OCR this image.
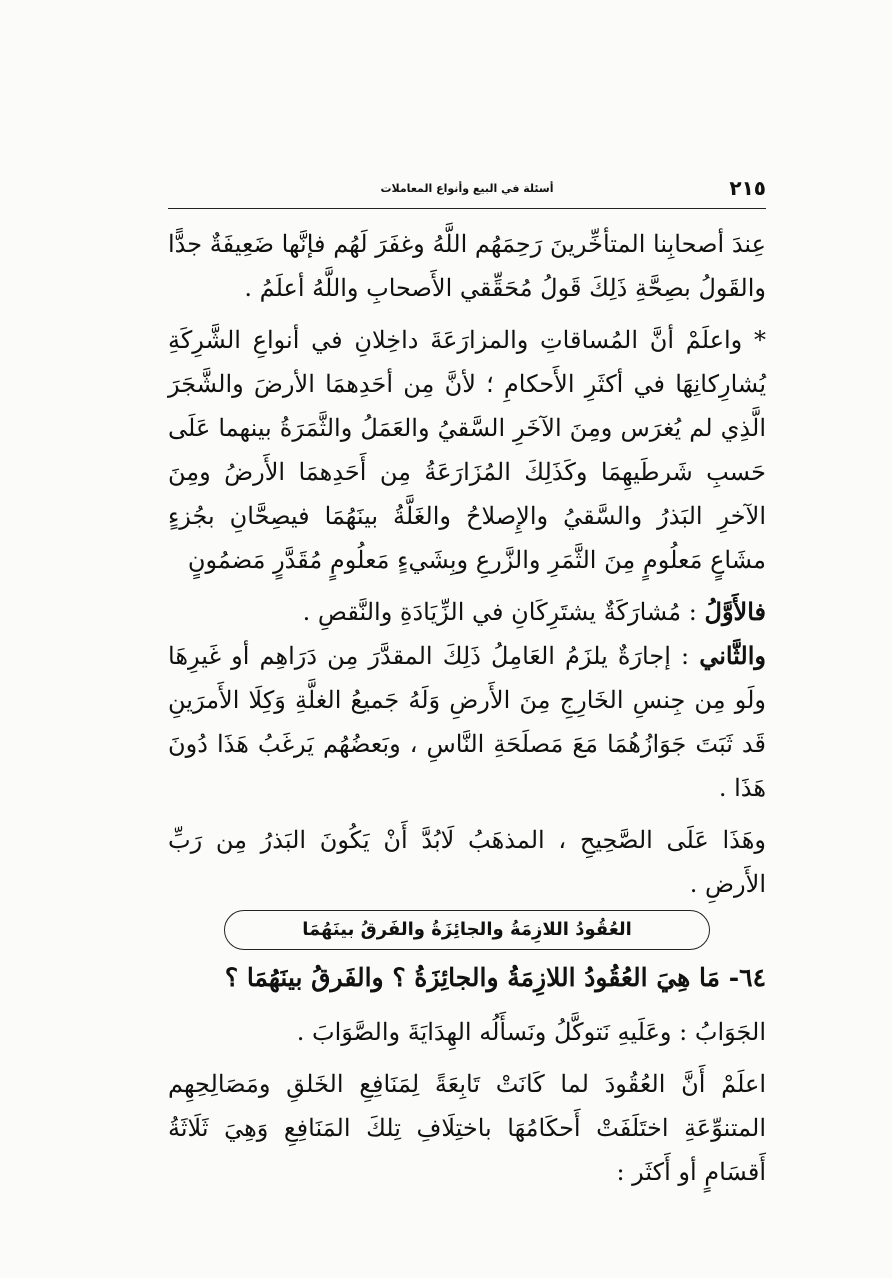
٢١٥
أسئلة في البيع وأنواع المعاملات

عِندَ أصحابِنا المتأخِّرينَ رَحِمَهُم اللَّهُ وغفَرَ لَهُم فإنَّها ضَعِيفَةٌ جدًّا والقَولُ بصِحَّةِ ذَلِكَ قَولُ مُحَقِّقي الأَصحابِ واللَّهُ أعلَمُ .

* واعلَمْ أنَّ المُساقاتِ والمزارَعَةَ داخِلانِ في أنواعِ الشَّرِكَةِ يُشارِكانِهَا في أكثَرِ الأَحكامِ ؛ لأنَّ مِن أحَدِهمَا الأرضَ والشَّجَرَ الَّذِي لم يُغرَس ومِنَ الآخَرِ السَّقيُ والعَمَلُ والثَّمَرَةُ بينهما عَلَى حَسبِ شَرطَيهِمَا وكَذَلِكَ المُزَارَعَةُ مِن أَحَدِهمَا الأَرضُ ومِنَ الآخرِ البَذرُ والسَّقيُ والإِصلاحُ والغَلَّةُ بينَهُمَا فيصِحَّانِ بجُزءٍ مشَاعٍ مَعلُومٍ مِنَ الثَّمَرِ والزَّرعِ وبِشَيءٍ مَعلُومٍ مُقَدَّرٍ مَضمُونٍ

فالأَوَّلُ : مُشارَكَةٌ يشتَرِكَانِ في الزِّيَادَةِ والنَّقصِ .

والثَّاني : إجارَةٌ يلزَمُ العَامِلُ ذَلِكَ المقدَّرَ مِن دَرَاهِم أو غَيرِهَا ولَو مِن جِنسِ الخَارِجِ مِنَ الأَرضِ وَلَهُ جَميعُ الغلَّةِ وَكِلَا الأَمرَينِ قَد ثَبَتَ جَوَازُهُمَا مَعَ مَصلَحَةِ النَّاسِ ، وبَعضُهُم يَرغَبُ هَذَا دُونَ هَذَا .

وهَذَا عَلَى الصَّحِيحِ ، المذهَبُ لَابُدَّ أَنْ يَكُونَ البَذرُ مِن رَبِّ الأَرضِ .

العُقُودُ اللازِمَةُ والجائِزَةُ والفَرقُ بينَهُمَا

٦٤- مَا هِيَ العُقُودُ اللازِمَةُ والجائِزَةُ ؟ والفَرقُ بينَهُمَا ؟

الجَوَابُ : وعَلَيهِ نَتوكَّلُ ونَسأَلُه الهِدَايَةَ والصَّوَابَ .

اعلَمْ أَنَّ العُقُودَ لما كَانَتْ تَابِعَةً لِمَنَافِعِ الخَلقِ ومَصَالِحِهِم المتنوِّعَةِ اختَلَفَتْ أَحكَامُهَا باختِلَافِ تِلكَ المَنَافِعِ وَهِيَ ثَلَاثَةُ أَقسَامٍ أو أَكثَر :
